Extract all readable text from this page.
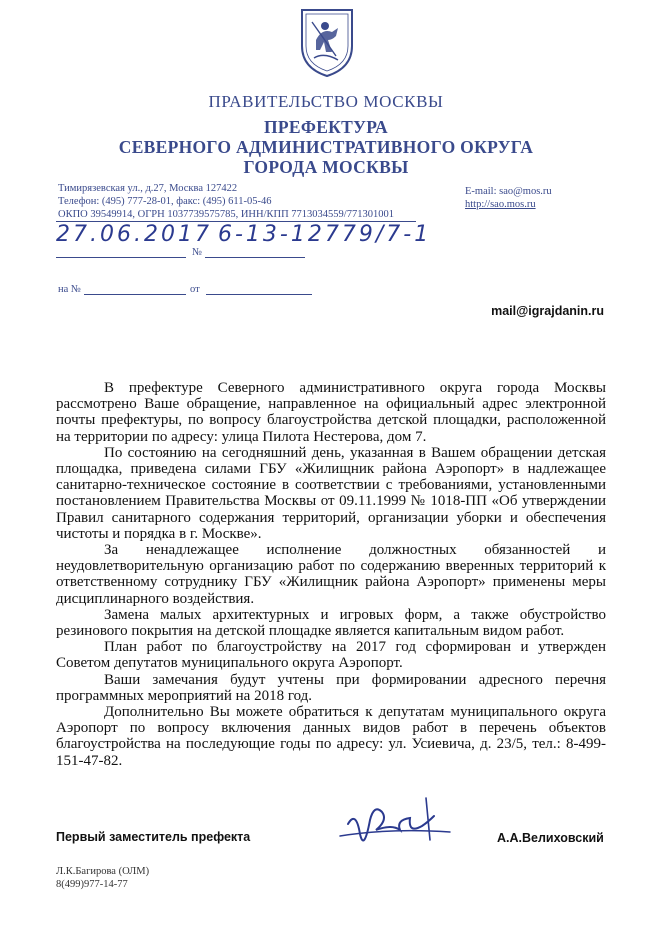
ПРАВИТЕЛЬСТВО МОСКВЫ
ПРЕФЕКТУРА
СЕВЕРНОГО АДМИНИСТРАТИВНОГО ОКРУГА
ГОРОДА МОСКВЫ
Тимирязевская ул., д.27, Москва 127422
Телефон: (495) 777-28-01, факс: (495) 611-05-46
ОКПО 39549914, ОГРН 1037739575785, ИНН/КПП 7713034559/771301001
E-mail: sao@mos.ru
http://sao.mos.ru
27.06.2017
№
6-13-12779/7-1
на №	от
mail@igrajdanin.ru

В префектуре Северного административного округа города Москвы рассмотрено Ваше обращение, направленное на официальный адрес электронной почты префектуры, по вопросу благоустройства детской площадки, расположенной на территории по адресу: улица Пилота Нестерова, дом 7.

По состоянию на сегодняшний день, указанная в Вашем обращении детская площадка, приведена силами ГБУ «Жилищник района Аэропорт» в надлежащее санитарно-техническое состояние в соответствии с требованиями, установленными постановлением Правительства Москвы от 09.11.1999 № 1018-ПП «Об утверждении Правил санитарного содержания территорий, организации уборки и обеспечения чистоты и порядка в г. Москве».

За ненадлежащее исполнение должностных обязанностей и неудовлетворительную организацию работ по содержанию вверенных территорий к ответственному сотруднику ГБУ «Жилищник района Аэропорт» применены меры дисциплинарного воздействия.

Замена малых архитектурных и игровых форм, а также обустройство резинового покрытия на детской площадке является капитальным видом работ.

План работ по благоустройству на 2017 год сформирован и утвержден Советом депутатов муниципального округа Аэропорт.

Ваши замечания будут учтены при формировании адресного перечня программных мероприятий на 2018 год.

Дополнительно Вы можете обратиться к депутатам муниципального округа Аэропорт по вопросу включения данных видов работ в перечень объектов благоустройства на последующие годы по адресу: ул. Усиевича, д. 23/5, тел.: 8-499-151-47-82.

Первый заместитель префекта	А.А.Велиховский
Л.К.Багирова (ОЛМ)
8(499)977-14-77
